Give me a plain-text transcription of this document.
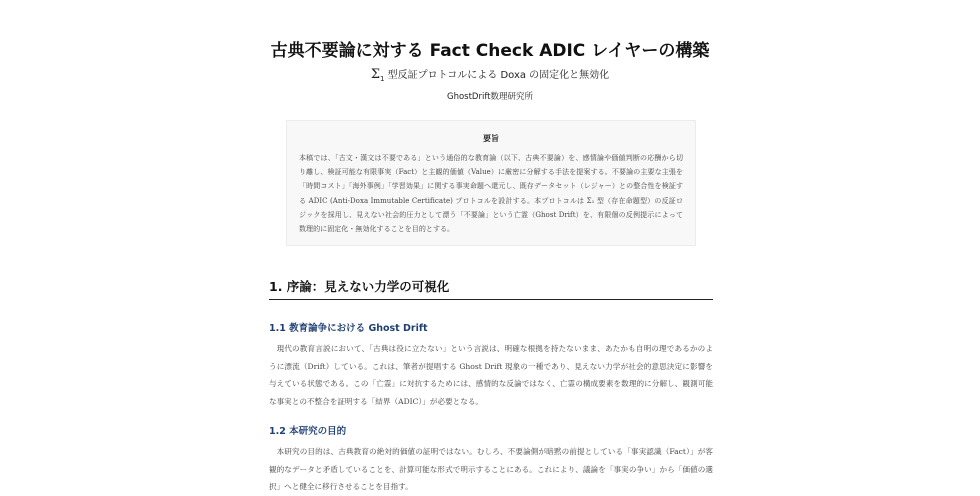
古典不要論に対する Fact Check ADIC レイヤーの構築
$\Sigma_1$ 型反証プロトコルによる Doxa の固定化と無効化
GhostDrift数理研究所
要旨
本稿では、「古文・漢文は不要である」という通俗的な教育論（以下、古典不要論）を、感情論や価値判断の応酬から切り離し、検証可能な有限事実（Fact）と主観的価値（Value）に厳密に分解する手法を提案する。不要論の主要な主張を「時間コスト」「海外事例」「学習効果」に関する事実命題へ還元し、既存データセット（レジャー）との整合性を検証する ADIC (Anti-Doxa Immutable Certificate) プロトコルを設計する。本プロトコルは Σ₁ 型（存在命題型）の反証ロジックを採用し、見えない社会的圧力として漂う「不要論」という亡霊（Ghost Drift）を、有限個の反例提示によって数理的に固定化・無効化することを目的とする。
1. 序論：見えない力学の可視化
1.1 教育論争における Ghost Drift
現代の教育言説において、「古典は役に立たない」という言説は、明確な根拠を持たないまま、あたかも自明の理であるかのように漂流（Drift）している。これは、筆者が提唱する Ghost Drift 現象の一種であり、見えない力学が社会的意思決定に影響を与えている状態である。この「亡霊」に対抗するためには、感情的な反論ではなく、亡霊の構成要素を数理的に分解し、観測可能な事実との不整合を証明する「結界（ADIC）」が必要となる。
1.2 本研究の目的
本研究の目的は、古典教育の絶対的価値の証明ではない。むしろ、不要論側が暗黙の前提としている「事実認識（Fact）」が客観的なデータと矛盾していることを、計算可能な形式で明示することにある。これにより、議論を「事実の争い」から「価値の選択」へと健全に移行させることを目指す。
